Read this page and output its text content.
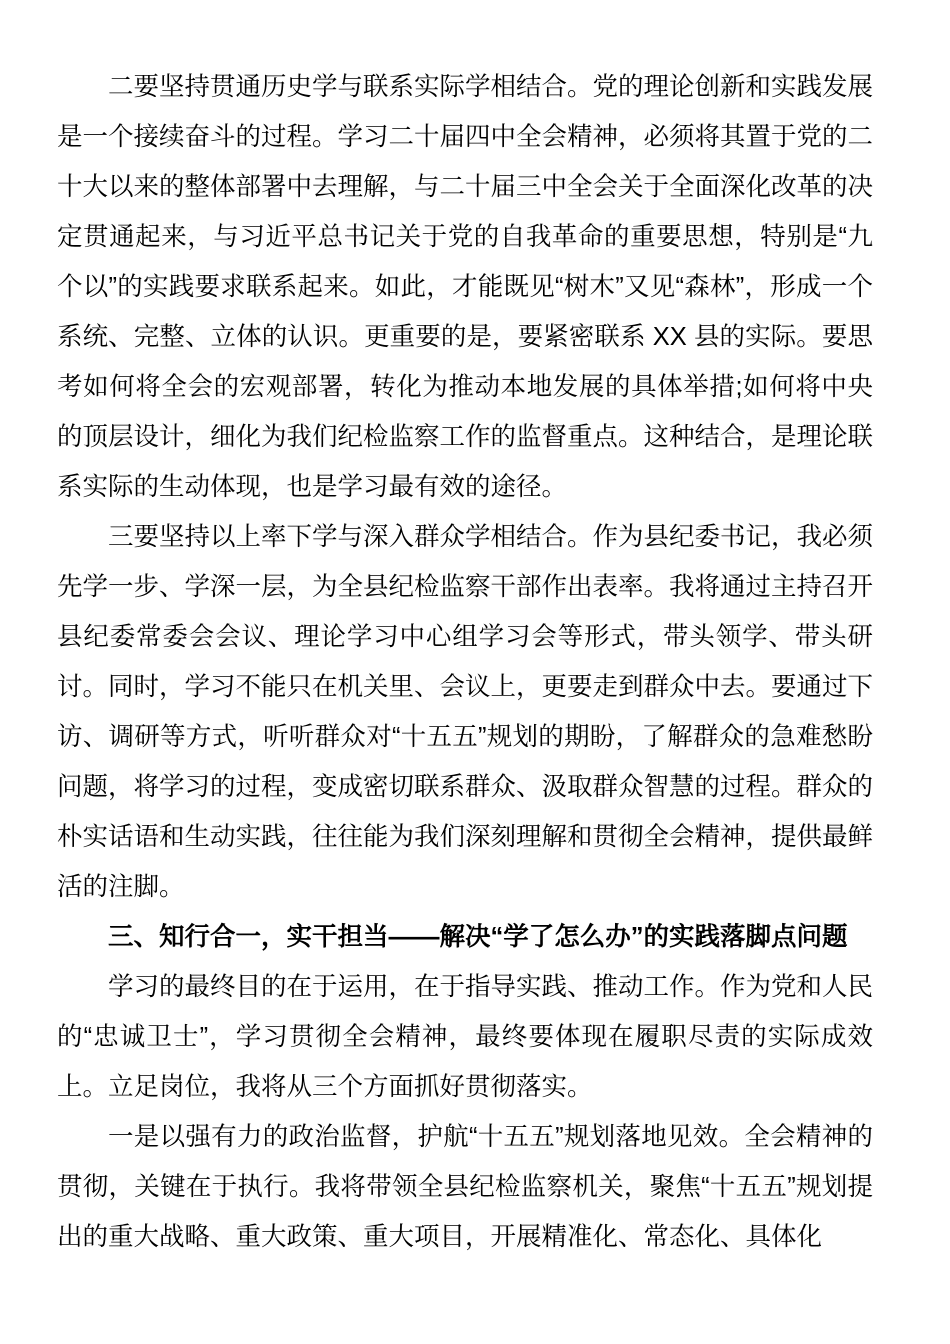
二要坚持贯通历史学与联系实际学相结合。党的理论创新和实践发展是一个接续奋斗的过程。学习二十届四中全会精神，必须将其置于党的二十大以来的整体部署中去理解，与二十届三中全会关于全面深化改革的决定贯通起来，与习近平总书记关于党的自我革命的重要思想，特别是“九个以”的实践要求联系起来。如此，才能既见“树木”又见“森林”，形成一个系统、完整、立体的认识。更重要的是，要紧密联系 XX 县的实际。要思考如何将全会的宏观部署，转化为推动本地发展的具体举措;如何将中央的顶层设计，细化为我们纪检监察工作的监督重点。这种结合，是理论联系实际的生动体现，也是学习最有效的途径。

三要坚持以上率下学与深入群众学相结合。作为县纪委书记，我必须先学一步、学深一层，为全县纪检监察干部作出表率。我将通过主持召开县纪委常委会会议、理论学习中心组学习会等形式，带头领学、带头研讨。同时，学习不能只在机关里、会议上，更要走到群众中去。要通过下访、调研等方式，听听群众对“十五五”规划的期盼，了解群众的急难愁盼问题，将学习的过程，变成密切联系群众、汲取群众智慧的过程。群众的朴实话语和生动实践，往往能为我们深刻理解和贯彻全会精神，提供最鲜活的注脚。

三、知行合一，实干担当——解决“学了怎么办”的实践落脚点问题

学习的最终目的在于运用，在于指导实践、推动工作。作为党和人民的“忠诚卫士”，学习贯彻全会精神，最终要体现在履职尽责的实际成效上。立足岗位，我将从三个方面抓好贯彻落实。

一是以强有力的政治监督，护航“十五五”规划落地见效。全会精神的贯彻，关键在于执行。我将带领全县纪检监察机关，聚焦“十五五”规划提出的重大战略、重大政策、重大项目，开展精准化、常态化、具体化
